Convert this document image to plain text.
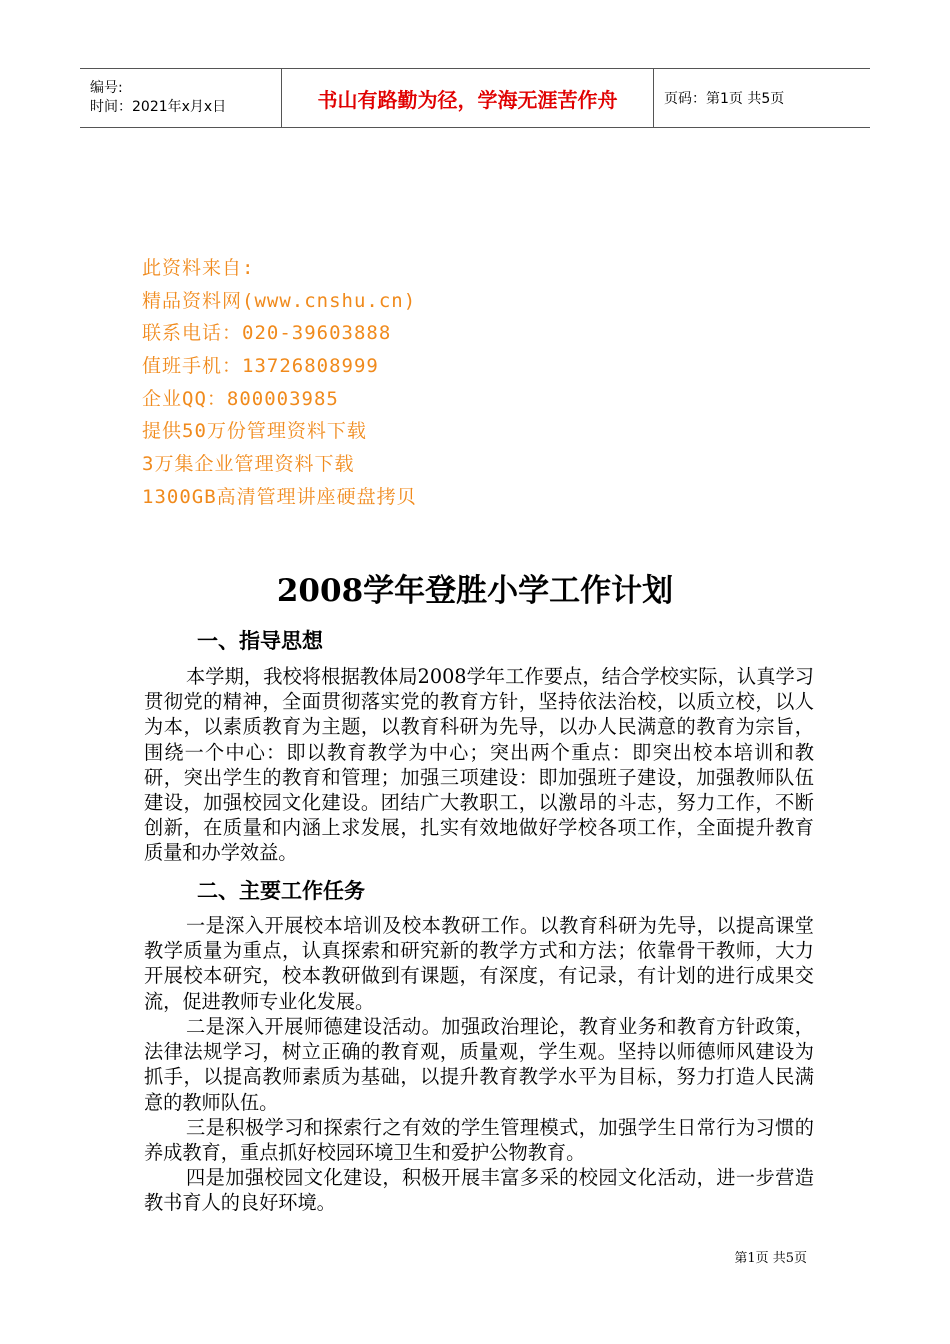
编号:
时间：2021年x月x日	书山有路勤为径，学海无涯苦作舟	页码：第1页 共5页
此资料来自:
精品资料网(www.cnshu.cn)
联系电话：020-39603888
值班手机：13726808999
企业QQ：800003985
提供50万份管理资料下载
3万集企业管理资料下载
1300GB高清管理讲座硬盘拷贝
2008学年登胜小学工作计划
一、指导思想

本学期，我校将根据教体局2008学年工作要点，结合学校实际，认真学习贯彻党的精神，全面贯彻落实党的教育方针，坚持依法治校，以质立校，以人为本，以素质教育为主题，以教育科研为先导，以办人民满意的教育为宗旨，围绕一个中心：即以教育教学为中心；突出两个重点：即突出校本培训和教研，突出学生的教育和管理；加强三项建设：即加强班子建设，加强教师队伍建设，加强校园文化建设。团结广大教职工，以激昂的斗志，努力工作，不断创新，在质量和内涵上求发展，扎实有效地做好学校各项工作，全面提升教育质量和办学效益。

二、主要工作任务

一是深入开展校本培训及校本教研工作。以教育科研为先导，以提高课堂教学质量为重点，认真探索和研究新的教学方式和方法；依靠骨干教师，大力开展校本研究，校本教研做到有课题，有深度，有记录，有计划的进行成果交流，促进教师专业化发展。

二是深入开展师德建设活动。加强政治理论，教育业务和教育方针政策，法律法规学习，树立正确的教育观，质量观，学生观。坚持以师德师风建设为抓手，以提高教师素质为基础，以提升教育教学水平为目标，努力打造人民满意的教师队伍。

三是积极学习和探索行之有效的学生管理模式，加强学生日常行为习惯的养成教育，重点抓好校园环境卫生和爱护公物教育。

四是加强校园文化建设，积极开展丰富多采的校园文化活动，进一步营造教书育人的良好环境。

第1页 共5页
